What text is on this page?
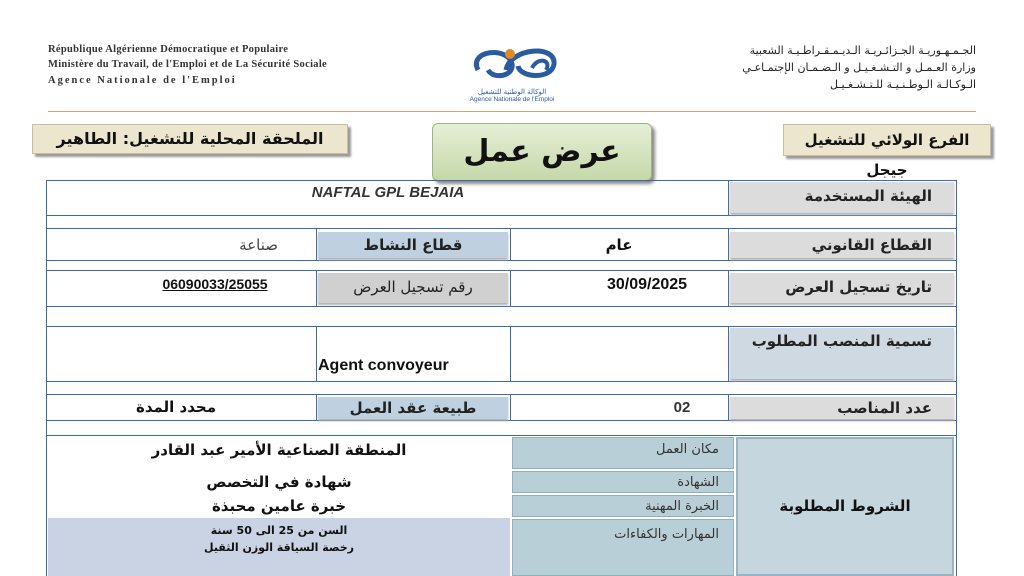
République Algérienne Démocratique et Populaire
Ministère du Travail, de l'Emploi et de La Sécurité Sociale
Agence Nationale de l'Emploi
الجـمـهـوريـة الجـزائـريـة الـديـمـقـراطـيـة الشعبية
وزارة العـمـل و التـشـغـيـل و الـضـمـان الإجتمـاعـي
الـوكـالـة الـوطـنـيـة للـتـشـغـيـل
الوكالة الوطنية للتشغيل
Agence Nationale de l'Emploi
الفرع الولائي للتشغيل جيجل
الملحقة المحلية للتشغيل: الطاهير	عرض عمل
الهيئة المستخدمة
NAFTAL GPL BEJAIA
القطاع القانوني
عام
قطاع النشاط
صناعة
تاريخ تسجيل العرض
30/09/2025
رقم تسجيل العرض
06090033/25055
تسمية المنصب المطلوب
Agent convoyeur
عدد المناصب
02
طبيعة عقد العمل
محدد المدة
الشروط المطلوبة
مكان العمل
الشهادة
الخبرة المهنية
المهارات والكفاءات
المنطقة الصناعية الأمير عبد القادر
شهادة في التخصص
خبرة عامين محبذة
السن من 25 الى 50 سنة
رخصة السياقة الوزن الثقيل
